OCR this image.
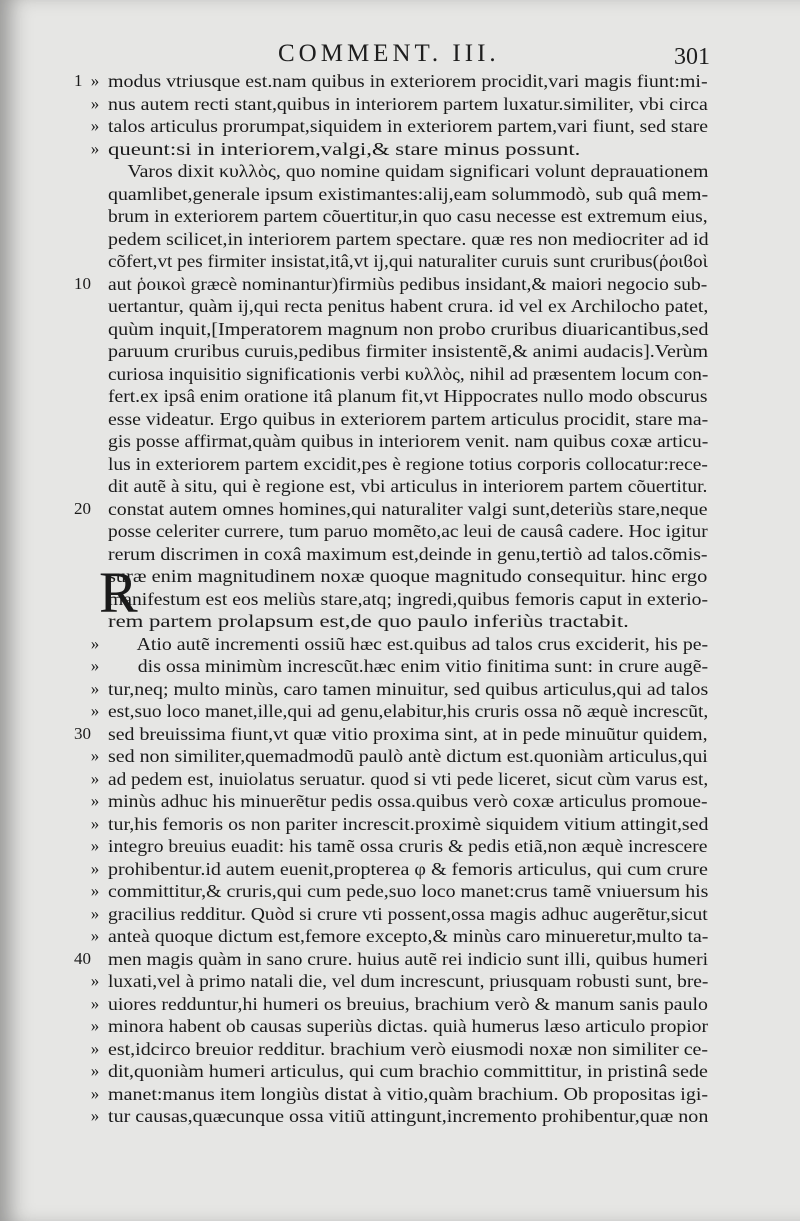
COMMENT. III.	301
R
1 » modus vtriusque est.nam quibus in exteriorem procidit,vari magis fiunt:mi-
» nus autem recti stant,quibus in interiorem partem luxatur.similiter, vbi circa
» talos articulus prorumpat,siquidem in exteriorem partem,vari fiunt, sed stare
» queunt:si in interiorem,valgi,& stare minus possunt.
Varos dixit κυλλὸς, quo nomine quidam significari volunt deprauationem
quamlibet,generale ipsum existimantes:alij,eam solummodò, sub quâ mem-
brum in exteriorem partem cõuertitur,in quo casu necesse est extremum eius,
pedem scilicet,in interiorem partem spectare. quæ res non mediocriter ad id
cõfert,vt pes firmiter insistat,itâ,vt ij,qui naturaliter curuis sunt cruribus(ῥοιϐοὶ
10 aut ῥοικοὶ græcè nominantur)firmiùs pedibus insidant,& maiori negocio sub-
uertantur, quàm ij,qui recta penitus habent crura. id vel ex Archilocho patet,
quùm inquit,[Imperatorem magnum non probo cruribus diuaricantibus,sed
paruum cruribus curuis,pedibus firmiter insistentẽ,& animi audacis].Verùm
curiosa inquisitio significationis verbi κυλλὸς, nihil ad præsentem locum con-
fert.ex ipsâ enim oratione itâ planum fit,vt Hippocrates nullo modo obscurus
esse videatur. Ergo quibus in exteriorem partem articulus procidit, stare ma-
gis posse affirmat,quàm quibus in interiorem venit. nam quibus coxæ articu-
lus in exteriorem partem excidit,pes è regione totius corporis collocatur:rece-
dit autẽ à situ, qui è regione est, vbi articulus in interiorem partem cõuertitur.
20 constat autem omnes homines,qui naturaliter valgi sunt,deteriùs stare,neque
posse celeriter currere, tum paruo momẽto,ac leui de causâ cadere. Hoc igitur
rerum discrimen in coxâ maximum est,deinde in genu,tertiò ad talos.cõmis-
suræ enim magnitudinem noxæ quoque magnitudo consequitur. hinc ergo
manifestum est eos meliùs stare,atq; ingredi,quibus femoris caput in exterio-
rem partem prolapsum est,de quo paulo inferiùs tractabit.
» Atio autẽ incrementi ossiũ hæc est.quibus ad talos crus exciderit, his pe-
» dis ossa minimùm increscũt.hæc enim vitio finitima sunt: in crure augẽ-
» tur,neq; multo minùs, caro tamen minuitur, sed quibus articulus,qui ad talos
» est,suo loco manet,ille,qui ad genu,elabitur,his cruris ossa nõ æquè increscũt,
30 sed breuissima fiunt,vt quæ vitio proxima sint, at in pede minuũtur quidem,
» sed non similiter,quemadmodũ paulò antè dictum est.quoniàm articulus,qui
» ad pedem est, inuiolatus seruatur. quod si vti pede liceret, sicut cùm varus est,
» minùs adhuc his minuerẽtur pedis ossa.quibus verò coxæ articulus promoue-
» tur,his femoris os non pariter increscit.proximè siquidem vitium attingit,sed
» integro breuius euadit: his tamẽ ossa cruris & pedis etiã,non æquè increscere
» prohibentur.id autem euenit,propterea φ & femoris articulus, qui cum crure
» committitur,& cruris,qui cum pede,suo loco manet:crus tamẽ vniuersum his
» gracilius redditur. Quòd si crure vti possent,ossa magis adhuc augerẽtur,sicut
» anteà quoque dictum est,femore excepto,& minùs caro minueretur,multo ta-
40 men magis quàm in sano crure. huius autẽ rei indicio sunt illi, quibus humeri
» luxati,vel à primo natali die, vel dum increscunt, priusquam robusti sunt, bre-
» uiores redduntur,hi humeri os breuius, brachium verò & manum sanis paulo
» minora habent ob causas superiùs dictas. quià humerus læso articulo propior
» est,idcirco breuior redditur. brachium verò eiusmodi noxæ non similiter ce-
» dit,quoniàm humeri articulus, qui cum brachio committitur, in pristinâ sede
» manet:manus item longiùs distat à vitio,quàm brachium. Ob propositas igi-
» tur causas,quæcunque ossa vitiũ attingunt,incremento prohibentur,quæ non
